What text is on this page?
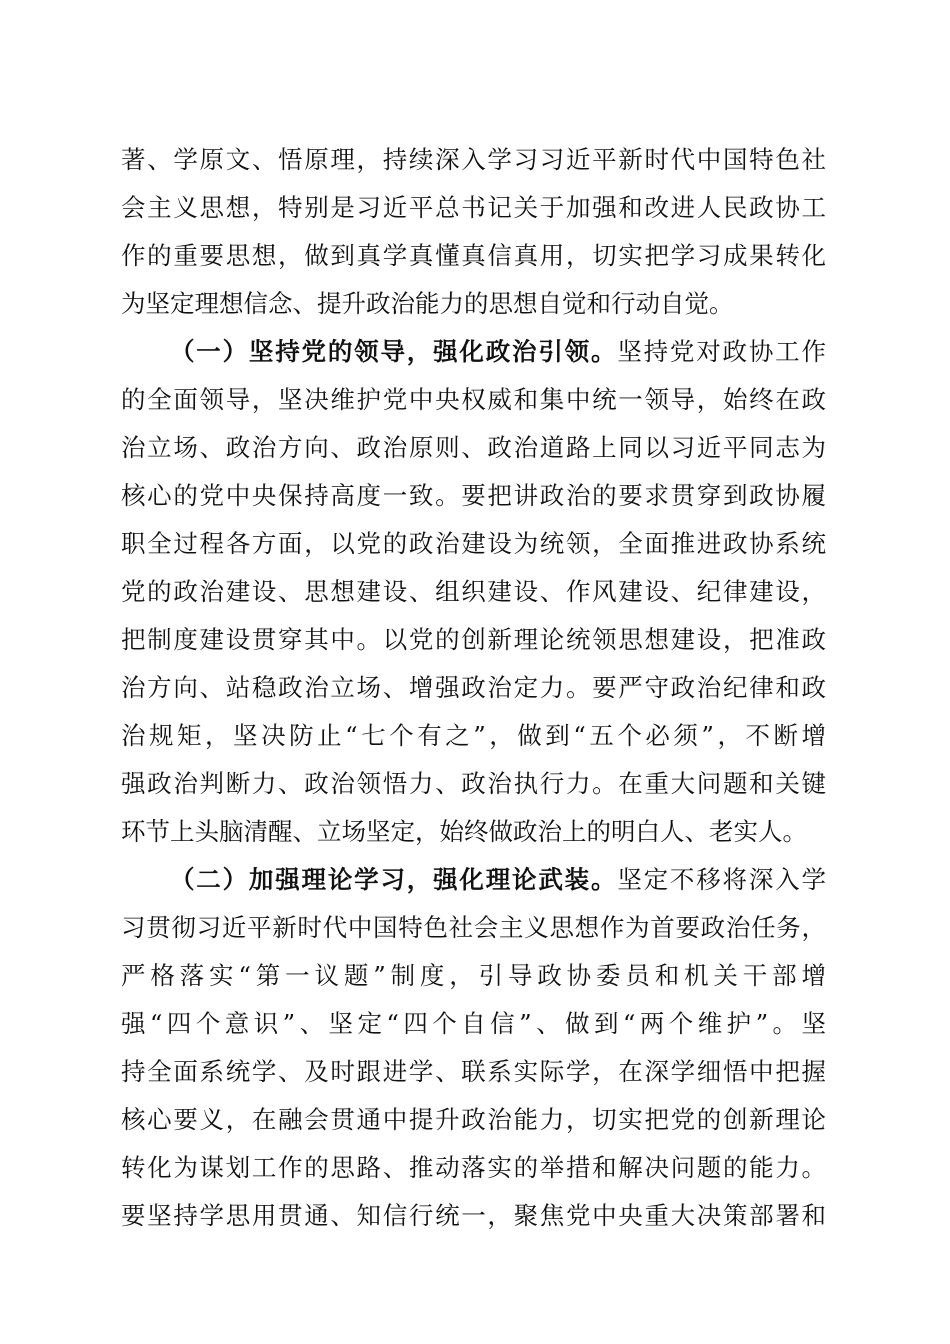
著、学原文、悟原理，持续深入学习习近平新时代中国特色社
会主义思想，特别是习近平总书记关于加强和改进人民政协工
作的重要思想，做到真学真懂真信真用，切实把学习成果转化
为坚定理想信念、提升政治能力的思想自觉和行动自觉。
（一）坚持党的领导，强化政治引领。坚持党对政协工作
的全面领导，坚决维护党中央权威和集中统一领导，始终在政
治立场、政治方向、政治原则、政治道路上同以习近平同志为
核心的党中央保持高度一致。要把讲政治的要求贯穿到政协履
职全过程各方面，以党的政治建设为统领，全面推进政协系统
党的政治建设、思想建设、组织建设、作风建设、纪律建设，
把制度建设贯穿其中。以党的创新理论统领思想建设，把准政
治方向、站稳政治立场、增强政治定力。要严守政治纪律和政
治规矩，坚决防止“七个有之”，做到“五个必须”，不断增
强政治判断力、政治领悟力、政治执行力。在重大问题和关键
环节上头脑清醒、立场坚定，始终做政治上的明白人、老实人。
（二）加强理论学习，强化理论武装。坚定不移将深入学
习贯彻习近平新时代中国特色社会主义思想作为首要政治任务，
严格落实“第一议题”制度，引导政协委员和机关干部增
强“四个意识”、坚定“四个自信”、做到“两个维护”。坚
持全面系统学、及时跟进学、联系实际学，在深学细悟中把握
核心要义，在融会贯通中提升政治能力，切实把党的创新理论
转化为谋划工作的思路、推动落实的举措和解决问题的能力。
要坚持学思用贯通、知信行统一，聚焦党中央重大决策部署和
